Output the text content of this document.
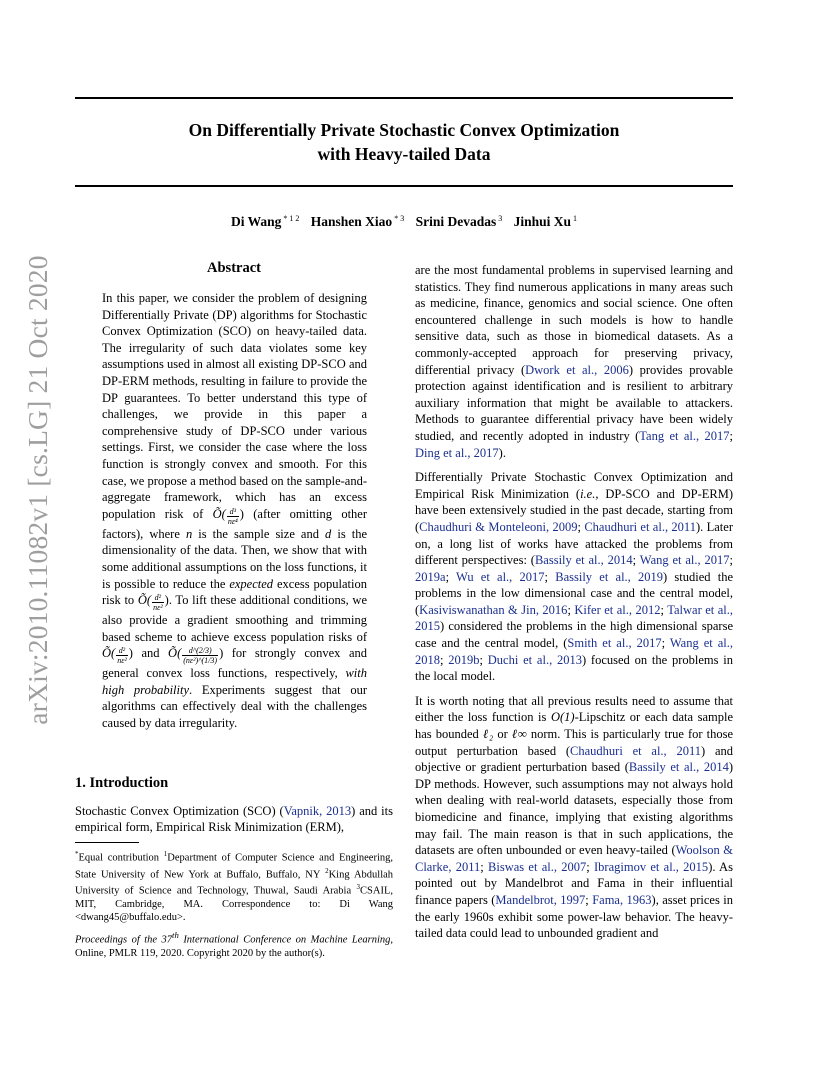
On Differentially Private Stochastic Convex Optimization
with Heavy-tailed Data
Di Wang $^{* 1 2}$ Hanshen Xiao $^{* 3}$ Srini Devadas $^3$ Jinhui Xu $^1$
arXiv:2010.11082v1 [cs.LG] 21 Oct 2020	Abstract

In this paper, we consider the problem of designing Differentially Private (DP) algorithms for Stochastic Convex Optimization (SCO) on heavy-tailed data. The irregularity of such data violates some key assumptions used in almost all existing DP-SCO and DP-ERM methods, resulting in failure to provide the DP guarantees. To better understand this type of challenges, we provide in this paper a comprehensive study of DP-SCO under various settings. First, we consider the case where the loss function is strongly convex and smooth. For this case, we propose a method based on the sample-and-aggregate framework, which has an excess population risk of Õ( $\frac{\text{d³}}{\text{nε⁴}}$ ) (after omitting other factors), where n is the sample size and d is the dimensionality of the data. Then, we show that with some additional assumptions on the loss functions, it is possible to reduce the expected excess population risk to Õ( $\frac{\text{d²}}{\text{nε²}}$ ). To lift these additional conditions, we also provide a gradient smoothing and trimming based scheme to achieve excess population risks of Õ( $\frac{\text{d²}}{\text{nε²}}$ ) and Õ( $\frac{d\^{}(2/3)}{\text{(nε²)\textasciicircum{}(1/3)}}$ ) for strongly convex and general convex loss functions, respectively, with high probability. Experiments suggest that our algorithms can effectively deal with the challenges caused by data irregularity.

1. Introduction

Stochastic Convex Optimization (SCO) (Vapnik, 2013) and its empirical form, Empirical Risk Minimization (ERM),

*Equal contribution $^1$Department of Computer Science and Engineering, State University of New York at Buffalo, Buffalo, NY $^2$King Abdullah University of Science and Technology, Thuwal, Saudi Arabia $^3$CSAIL, MIT, Cambridge, MA. Correspondence to: Di Wang <dwang45@buffalo.edu>.

Proceedings of the 37th International Conference on Machine Learning, Online, PMLR 119, 2020. Copyright 2020 by the author(s).

are the most fundamental problems in supervised learning and statistics. They find numerous applications in many areas such as medicine, finance, genomics and social science. One often encountered challenge in such models is how to handle sensitive data, such as those in biomedical datasets. As a commonly-accepted approach for preserving privacy, differential privacy (Dwork et al., 2006) provides provable protection against identification and is resilient to arbitrary auxiliary information that might be available to attackers. Methods to guarantee differential privacy have been widely studied, and recently adopted in industry (Tang et al., 2017; Ding et al., 2017).

Differentially Private Stochastic Convex Optimization and Empirical Risk Minimization (i.e., DP-SCO and DP-ERM) have been extensively studied in the past decade, starting from (Chaudhuri & Monteleoni, 2009; Chaudhuri et al., 2011). Later on, a long list of works have attacked the problems from different perspectives: (Bassily et al., 2014; Wang et al., 2017; 2019a; Wu et al., 2017; Bassily et al., 2019) studied the problems in the low dimensional case and the central model, (Kasiviswanathan & Jin, 2016; Kifer et al., 2012; Talwar et al., 2015) considered the problems in the high dimensional sparse case and the central model, (Smith et al., 2017; Wang et al., 2018; 2019b; Duchi et al., 2013) focused on the problems in the local model.

It is worth noting that all previous results need to assume that either the loss function is O(1)-Lipschitz or each data sample has bounded ℓ₂ or ℓ∞ norm. This is particularly true for those output perturbation based (Chaudhuri et al., 2011) and objective or gradient perturbation based (Bassily et al., 2014) DP methods. However, such assumptions may not always hold when dealing with real-world datasets, especially those from biomedicine and finance, implying that existing algorithms may fail. The main reason is that in such applications, the datasets are often unbounded or even heavy-tailed (Woolson & Clarke, 2011; Biswas et al., 2007; Ibragimov et al., 2015). As pointed out by Mandelbrot and Fama in their influential finance papers (Mandelbrot, 1997; Fama, 1963), asset prices in the early 1960s exhibit some power-law behavior. The heavy-tailed data could lead to unbounded gradient and
